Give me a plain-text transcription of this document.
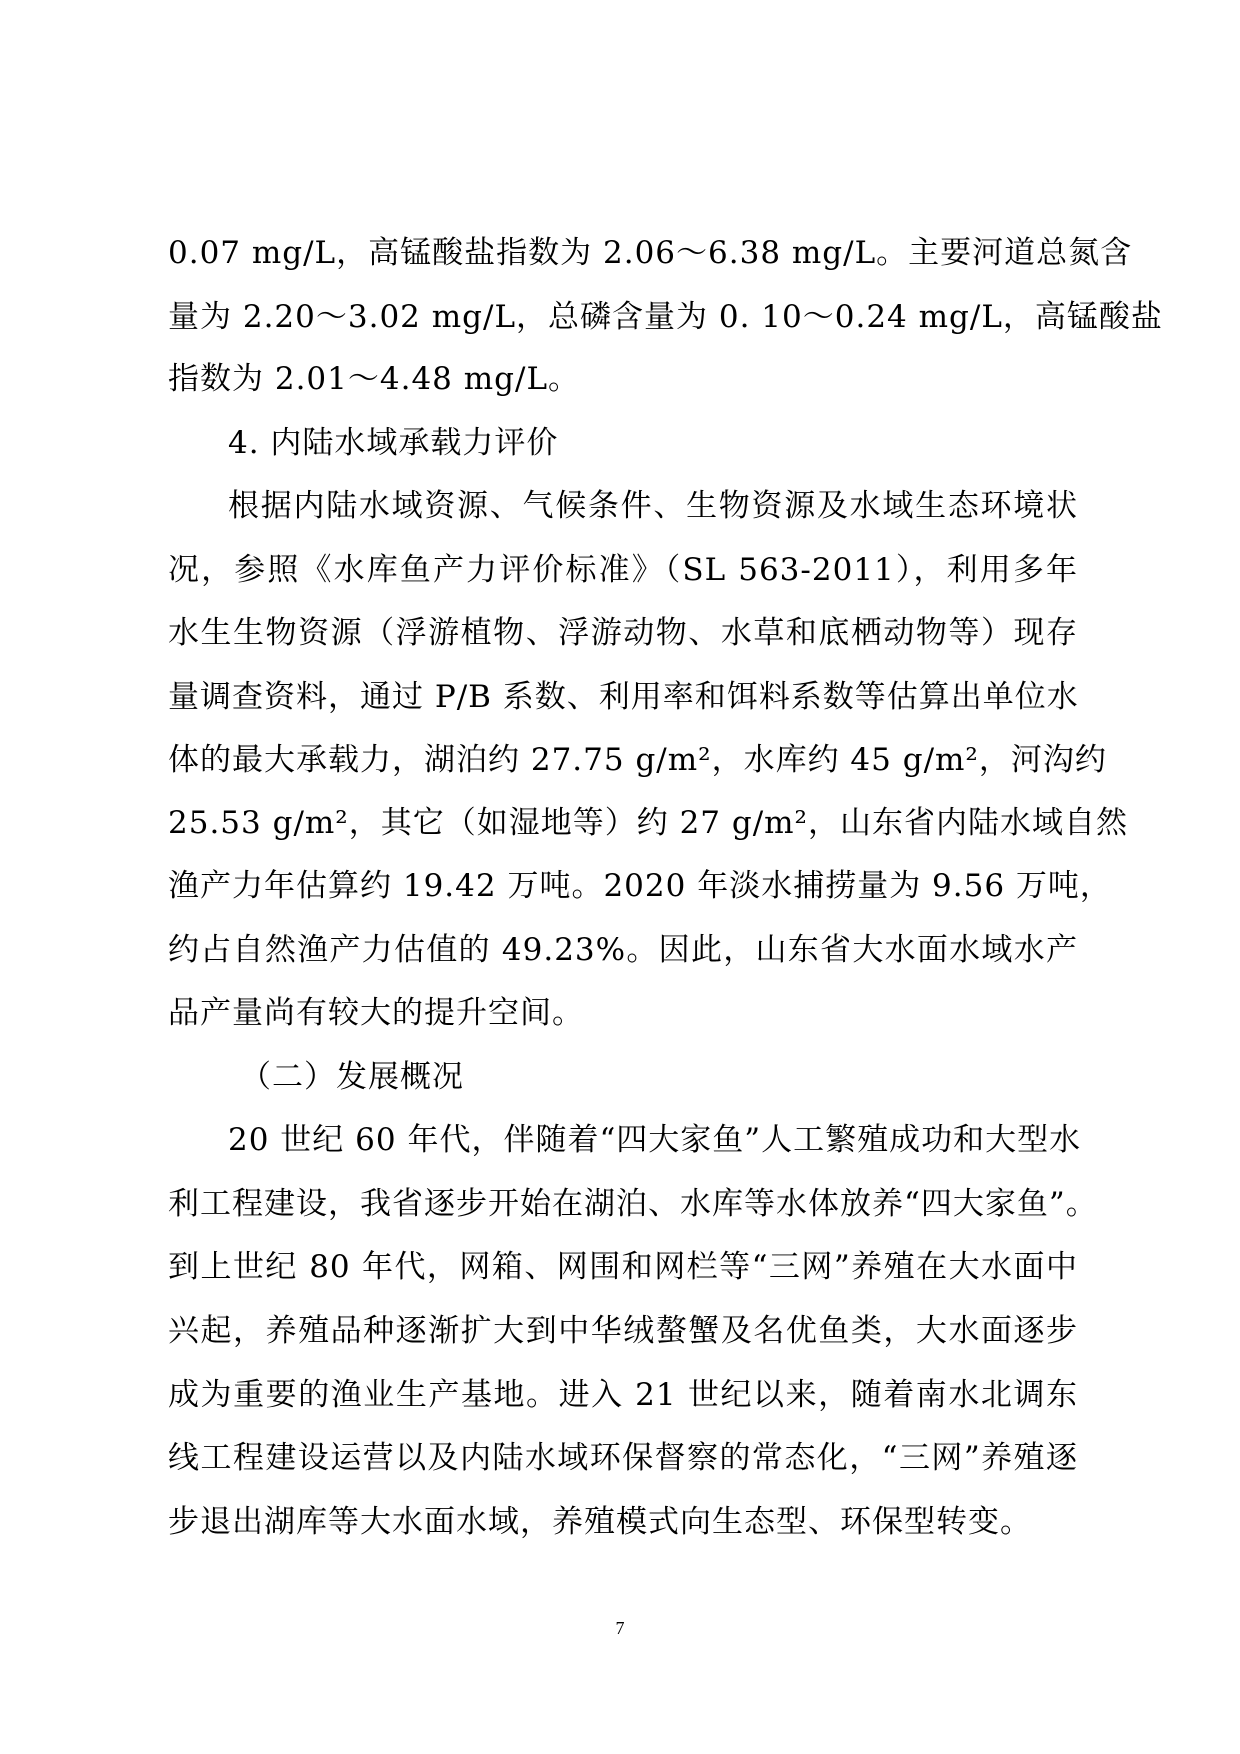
0.07 mg/L，高锰酸盐指数为 2.06～6.38 mg/L。主要河道总氮含
量为 2.20～3.02 mg/L，总磷含量为 0. 10～0.24 mg/L，高锰酸盐
指数为 2.01～4.48 mg/L。
4. 内陆水域承载力评价
根据内陆水域资源、气候条件、生物资源及水域生态环境状
况，参照《水库鱼产力评价标准》（SL 563-2011），利用多年
水生生物资源（浮游植物、浮游动物、水草和底栖动物等）现存
量调查资料，通过 P/B 系数、利用率和饵料系数等估算出单位水
体的最大承载力，湖泊约 27.75 g/m²，水库约 45 g/m²，河沟约
25.53 g/m²，其它（如湿地等）约 27 g/m²，山东省内陆水域自然
渔产力年估算约 19.42 万吨。2020 年淡水捕捞量为 9.56 万吨，
约占自然渔产力估值的 49.23%。因此，山东省大水面水域水产
品产量尚有较大的提升空间。
（二）发展概况
20 世纪 60 年代，伴随着“四大家鱼”人工繁殖成功和大型水
利工程建设，我省逐步开始在湖泊、水库等水体放养“四大家鱼”。
到上世纪 80 年代，网箱、网围和网栏等“三网”养殖在大水面中
兴起，养殖品种逐渐扩大到中华绒螯蟹及名优鱼类，大水面逐步
成为重要的渔业生产基地。进入 21 世纪以来，随着南水北调东
线工程建设运营以及内陆水域环保督察的常态化，“三网”养殖逐
步退出湖库等大水面水域，养殖模式向生态型、环保型转变。
7
